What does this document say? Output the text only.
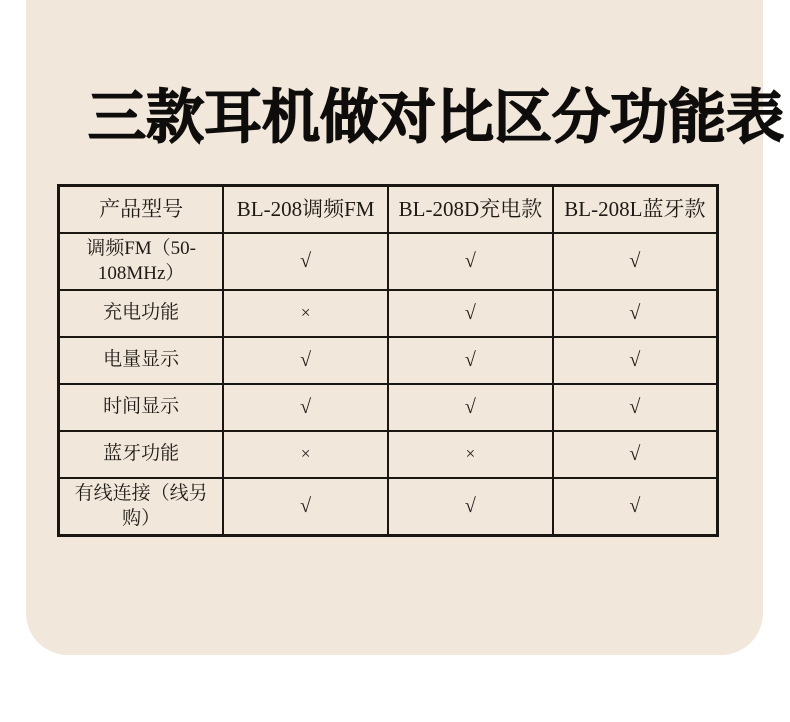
三款耳机做对比区分功能表
产品型号	BL-208调频FM	BL-208D充电款	BL-208L蓝牙款
调频FM（50-108MHz）	√	√	√
充电功能	×	√	√
电量显示	√	√	√
时间显示	√	√	√
蓝牙功能	×	×	√
有线连接（线另购）	√	√	√
